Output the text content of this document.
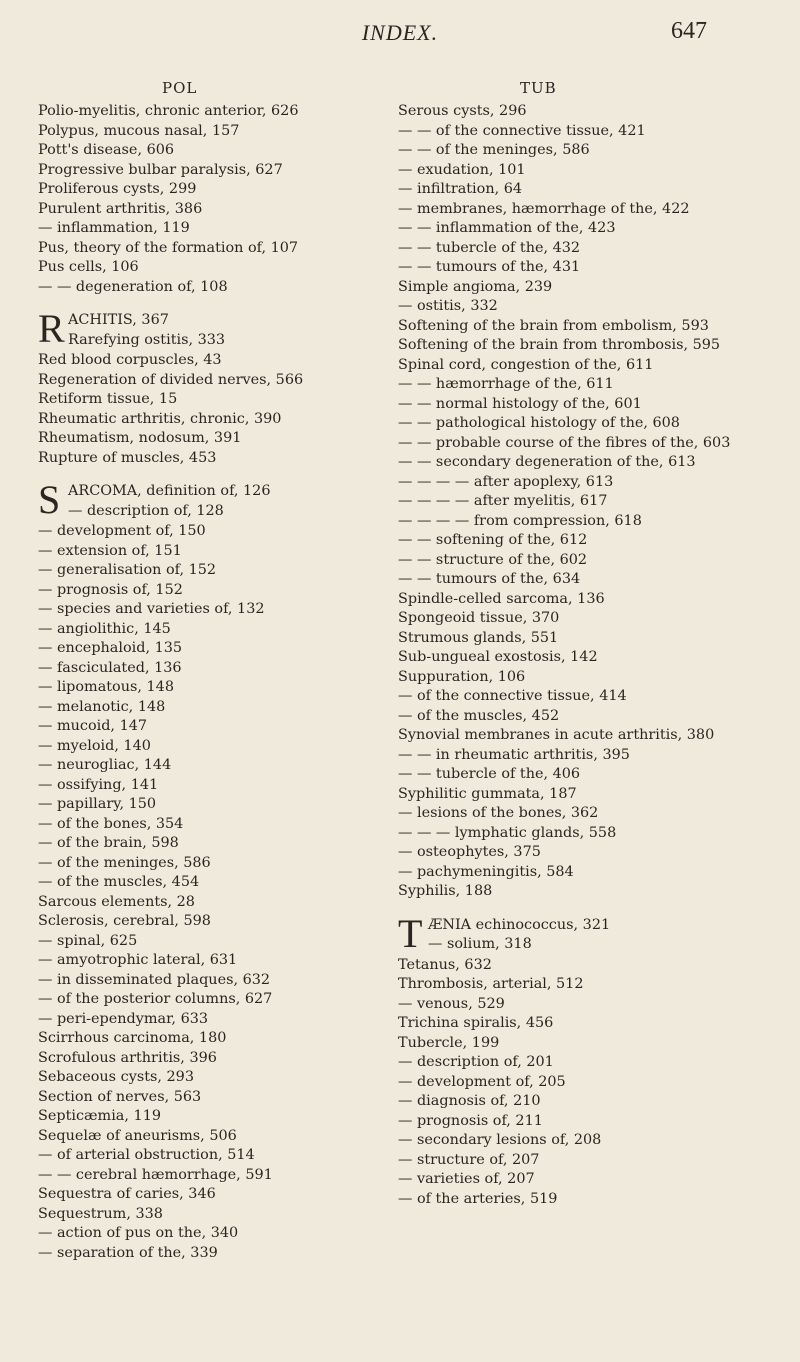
INDEX.	647
POL
Polio-myelitis, chronic anterior, 626
Polypus, mucous nasal, 157
Pott's disease, 606
Progressive bulbar paralysis, 627
Proliferous cysts, 299
Purulent arthritis, 386
— inflammation, 119
Pus, theory of the formation of, 107
Pus cells, 106
— — degeneration of, 108
R ACHITIS, 367
Rarefying ostitis, 333
Red blood corpuscles, 43
Regeneration of divided nerves, 566
Retiform tissue, 15
Rheumatic arthritis, chronic, 390
Rheumatism, nodosum, 391
Rupture of muscles, 453
S ARCOMA, definition of, 126
— description of, 128
— development of, 150
— extension of, 151
— generalisation of, 152
— prognosis of, 152
— species and varieties of, 132
— angiolithic, 145
— encephaloid, 135
— fasciculated, 136
— lipomatous, 148
— melanotic, 148
— mucoid, 147
— myeloid, 140
— neurogliac, 144
— ossifying, 141
— papillary, 150
— of the bones, 354
— of the brain, 598
— of the meninges, 586
— of the muscles, 454
Sarcous elements, 28
Sclerosis, cerebral, 598
— spinal, 625
— amyotrophic lateral, 631
— in disseminated plaques, 632
— of the posterior columns, 627
— peri-ependymar, 633
Scirrhous carcinoma, 180
Scrofulous arthritis, 396
Sebaceous cysts, 293
Section of nerves, 563
Septicæmia, 119
Sequelæ of aneurisms, 506
— of arterial obstruction, 514
— — cerebral hæmorrhage, 591
Sequestra of caries, 346
Sequestrum, 338
— action of pus on the, 340
— separation of the, 339
TUB
Serous cysts, 296
— — of the connective tissue, 421
— — of the meninges, 586
— exudation, 101
— infiltration, 64
— membranes, hæmorrhage of the, 422
— — inflammation of the, 423
— — tubercle of the, 432
— — tumours of the, 431
Simple angioma, 239
— ostitis, 332
Softening of the brain from embolism, 593
Softening of the brain from thrombosis, 595
Spinal cord, congestion of the, 611
— — hæmorrhage of the, 611
— — normal histology of the, 601
— — pathological histology of the, 608
— — probable course of the fibres of the, 603
— — secondary degeneration of the, 613
— — — — after apoplexy, 613
— — — — after myelitis, 617
— — — — from compression, 618
— — softening of the, 612
— — structure of the, 602
— — tumours of the, 634
Spindle-celled sarcoma, 136
Spongeoid tissue, 370
Strumous glands, 551
Sub-ungueal exostosis, 142
Suppuration, 106
— of the connective tissue, 414
— of the muscles, 452
Synovial membranes in acute arthritis, 380
— — in rheumatic arthritis, 395
— — tubercle of the, 406
Syphilitic gummata, 187
— lesions of the bones, 362
— — — lymphatic glands, 558
— osteophytes, 375
— pachymeningitis, 584
Syphilis, 188
T ÆNIA echinococcus, 321
— solium, 318
Tetanus, 632
Thrombosis, arterial, 512
— venous, 529
Trichina spiralis, 456
Tubercle, 199
— description of, 201
— development of, 205
— diagnosis of, 210
— prognosis of, 211
— secondary lesions of, 208
— structure of, 207
— varieties of, 207
— of the arteries, 519
